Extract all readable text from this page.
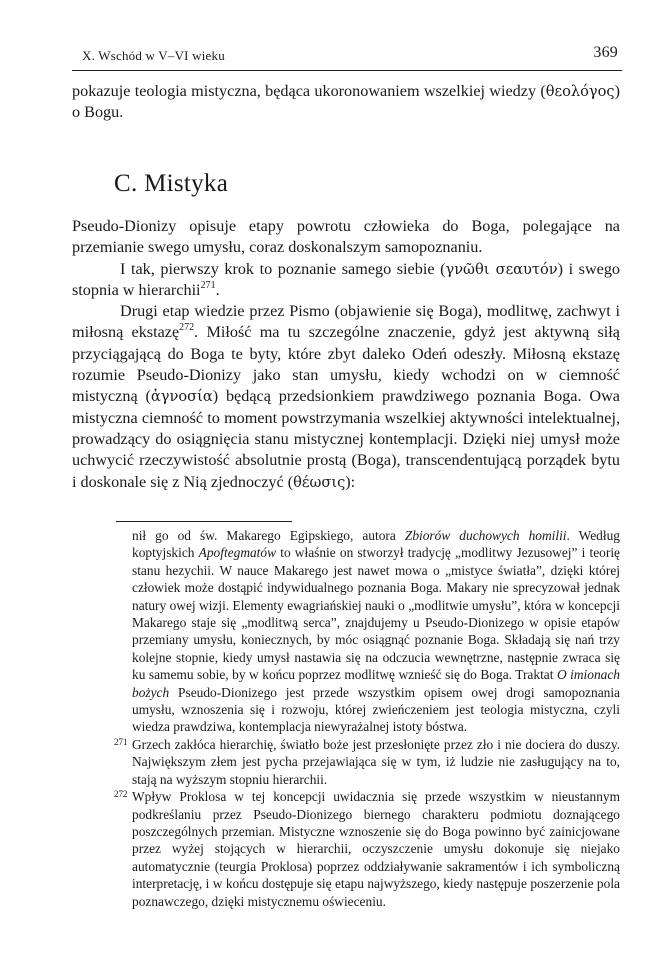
X. Wschód w V–VI wieku	369

pokazuje teologia mistyczna, będąca ukoronowaniem wszelkiej wiedzy (θεολόγος) o Bogu.

C. Mistyka

Pseudo-Dionizy opisuje etapy powrotu człowieka do Boga, polegające na przemianie swego umysłu, coraz doskonalszym samopoznaniu.

I tak, pierwszy krok to poznanie samego siebie (γνῶθι σεαυτόν) i swego stopnia w hierarchii$^{271}$.

Drugi etap wiedzie przez Pismo (objawienie się Boga), modlitwę, zachwyt i miłosną ekstazę$^{272}$. Miłość ma tu szczególne znaczenie, gdyż jest aktywną siłą przyciągającą do Boga te byty, które zbyt daleko Odeń odeszły. Miłosną ekstazę rozumie Pseudo-Dionizy jako stan umysłu, kiedy wchodzi on w ciemność mistyczną (ἀγνοσία) będącą przedsionkiem prawdziwego poznania Boga. Owa mistyczna ciemność to moment powstrzymania wszelkiej aktywności intelektualnej, prowadzący do osiągnięcia stanu mistycznej kontemplacji. Dzięki niej umysł może uchwycić rzeczywistość absolutnie prostą (Boga), transcendentującą porządek bytu i doskonale się z Nią zjednoczyć (θέωσις):

nił go od św. Makarego Egipskiego, autora Zbiorów duchowych homilii. Według koptyjskich Apoftegmatów to właśnie on stworzył tradycję „modlitwy Jezusowej” i teorię stanu hezychii. W nauce Makarego jest nawet mowa o „mistyce światła”, dzięki której człowiek może dostąpić indywidualnego poznania Boga. Makary nie sprecyzował jednak natury owej wizji. Elementy ewagriańskiej nauki o „modlitwie umysłu”, która w koncepcji Makarego staje się „modlitwą serca”, znajdujemy u Pseudo-Dionizego w opisie etapów przemiany umysłu, koniecznych, by móc osiągnąć poznanie Boga. Składają się nań trzy kolejne stopnie, kiedy umysł nastawia się na odczucia wewnętrzne, następnie zwraca się ku samemu sobie, by w końcu poprzez modlitwę wznieść się do Boga. Traktat O imionach bożych Pseudo-Dionizego jest przede wszystkim opisem owej drogi samopoznania umysłu, wznoszenia się i rozwoju, której zwieńczeniem jest teologia mistyczna, czyli wiedza prawdziwa, kontemplacja niewyrażalnej istoty bóstwa.

271 Grzech zakłóca hierarchię, światło boże jest przesłonięte przez zło i nie dociera do duszy. Największym złem jest pycha przejawiająca się w tym, iż ludzie nie zasługujący na to, stają na wyższym stopniu hierarchii.

272 Wpływ Proklosa w tej koncepcji uwidacznia się przede wszystkim w nieustannym podkreślaniu przez Pseudo-Dionizego biernego charakteru podmiotu doznającego poszczególnych przemian. Mistyczne wznoszenie się do Boga powinno być zainicjowane przez wyżej stojących w hierarchii, oczyszczenie umysłu dokonuje się niejako automatycznie (teurgia Proklosa) poprzez oddziaływanie sakramentów i ich symboliczną interpretację, i w końcu dostępuje się etapu najwyższego, kiedy następuje poszerzenie pola poznawczego, dzięki mistycznemu oświeceniu.
